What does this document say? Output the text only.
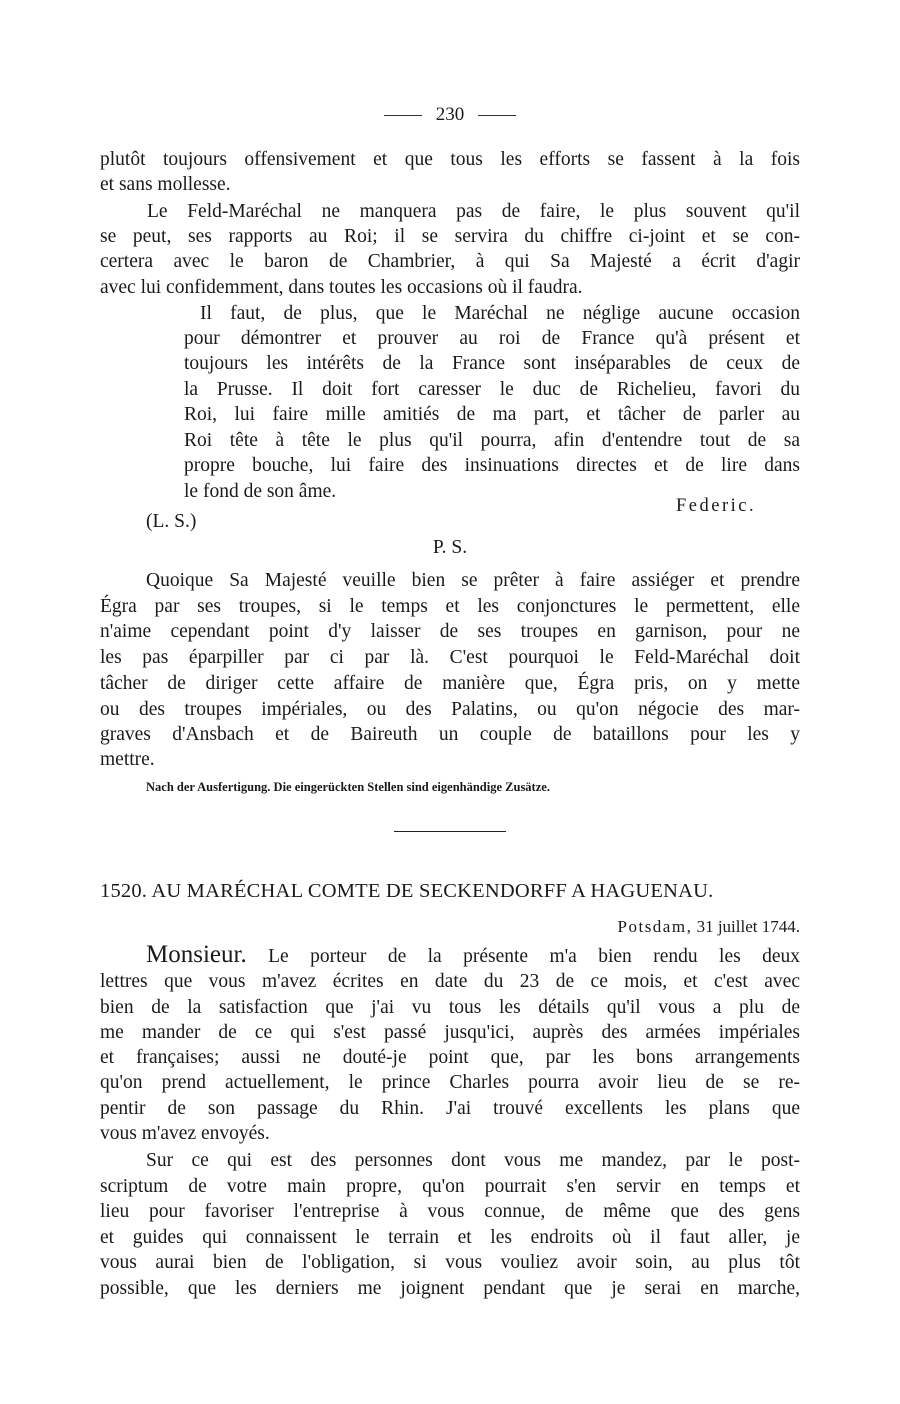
230

plutôt toujours offensivement et que tous les efforts se fassent à la fois

et sans mollesse.

Le Feld-Maréchal ne manquera pas de faire, le plus souvent qu'il

se peut, ses rapports au Roi; il se servira du chiffre ci-joint et se con-

certera avec le baron de Chambrier, à qui Sa Majesté a écrit d'agir

avec lui confidemment, dans toutes les occasions où il faudra.

Il faut, de plus, que le Maréchal ne néglige aucune occasion

pour démontrer et prouver au roi de France qu'à présent et

toujours les intérêts de la France sont inséparables de ceux de

la Prusse. Il doit fort caresser le duc de Richelieu, favori du

Roi, lui faire mille amitiés de ma part, et tâcher de parler au

Roi tête à tête le plus qu'il pourra, afin d'entendre tout de sa

propre bouche, lui faire des insinuations directes et de lire dans

le fond de son âme.

Federic.

(L. S.)

P. S.

Quoique Sa Majesté veuille bien se prêter à faire assiéger et prendre

Égra par ses troupes, si le temps et les conjonctures le permettent, elle

n'aime cependant point d'y laisser de ses troupes en garnison, pour ne

les pas éparpiller par ci par là. C'est pourquoi le Feld-Maréchal doit

tâcher de diriger cette affaire de manière que, Égra pris, on y mette

ou des troupes impériales, ou des Palatins, ou qu'on négocie des mar-

graves d'Ansbach et de Baireuth un couple de bataillons pour les y

mettre.

Nach der Ausfertigung. Die eingerückten Stellen sind eigenhändige Zusätze.
1520. AU MARÉCHAL COMTE DE SECKENDORFF A HAGUENAU.
Potsdam, 31 juillet 1744.

Monsieur. Le porteur de la présente m'a bien rendu les deux

lettres que vous m'avez écrites en date du 23 de ce mois, et c'est avec

bien de la satisfaction que j'ai vu tous les détails qu'il vous a plu de

me mander de ce qui s'est passé jusqu'ici, auprès des armées impériales

et françaises; aussi ne douté-je point que, par les bons arrangements

qu'on prend actuellement, le prince Charles pourra avoir lieu de se re-

pentir de son passage du Rhin. J'ai trouvé excellents les plans que

vous m'avez envoyés.

Sur ce qui est des personnes dont vous me mandez, par le post-

scriptum de votre main propre, qu'on pourrait s'en servir en temps et

lieu pour favoriser l'entreprise à vous connue, de même que des gens

et guides qui connaissent le terrain et les endroits où il faut aller, je

vous aurai bien de l'obligation, si vous vouliez avoir soin, au plus tôt

possible, que les derniers me joignent pendant que je serai en marche,
